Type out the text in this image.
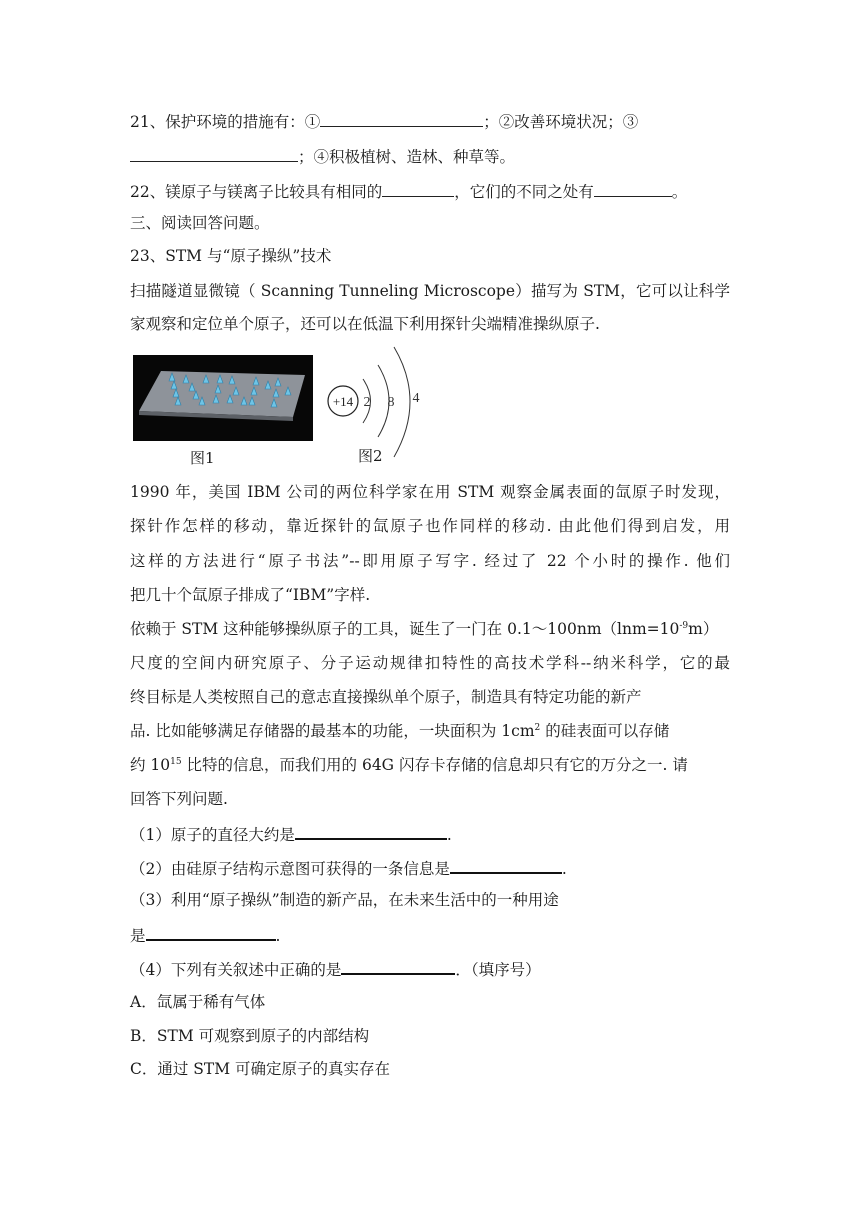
21、保护环境的措施有：①	；②改善环境状况；③
；④积极植树、造林、种草等。
22、镁原子与镁离子比较具有相同的	，它们的不同之处有	。
三、阅读回答问题。
23、STM 与“原子操纵”技术
扫描隧道显微镜（ Scanning Tunneling Microscope）描写为 STM，它可以让科学
家观察和定位单个原子，还可以在低温下利用探针尖端精准操纵原子.
图1
+14 2 8 4
图2
1990 年，美国 IBM 公司的两位科学家在用 STM 观察金属表面的氙原子时发现，
探针作怎样的移动，靠近探针的氙原子也作同样的移动. 由此他们得到启发，用
这样的方法进行“原子书法”--即用原子写字. 经过了 22 个小时的操作. 他们
把几十个氙原子排成了“IBM”字样.
依赖于 STM 这种能够操纵原子的工具，诞生了一门在 $0.1\sim 100nm(\ln m=10^{-9}m)$
尺度的空间内研究原子、分子运动规律扣特性的高技术学科--纳米科学，它的最
终目标是人类桉照自己的意志直接操纵单个原子，制造具有特定功能的新产
品. 比如能够满足存储器的最基本的功能，一块面积为 $1cm^2$ 的硅表面可以存储
约 $10^{15}$ 比特的信息，而我们用的 64G 闪存卡存储的信息却只有它的万分之一. 请
回答下列问题.
（1）原子的直径大约是	.
（2）由硅原子结构示意图可获得的一条信息是	.
（3）利用“原子操纵”制造的新产品，在未来生活中的一种用途
是	.
（4）下列有关叙述中正确的是	．（填序号）
A．氙属于稀有气体
B．STM 可观察到原子的内部结构
C．通过 STM 可确定原子的真实存在
